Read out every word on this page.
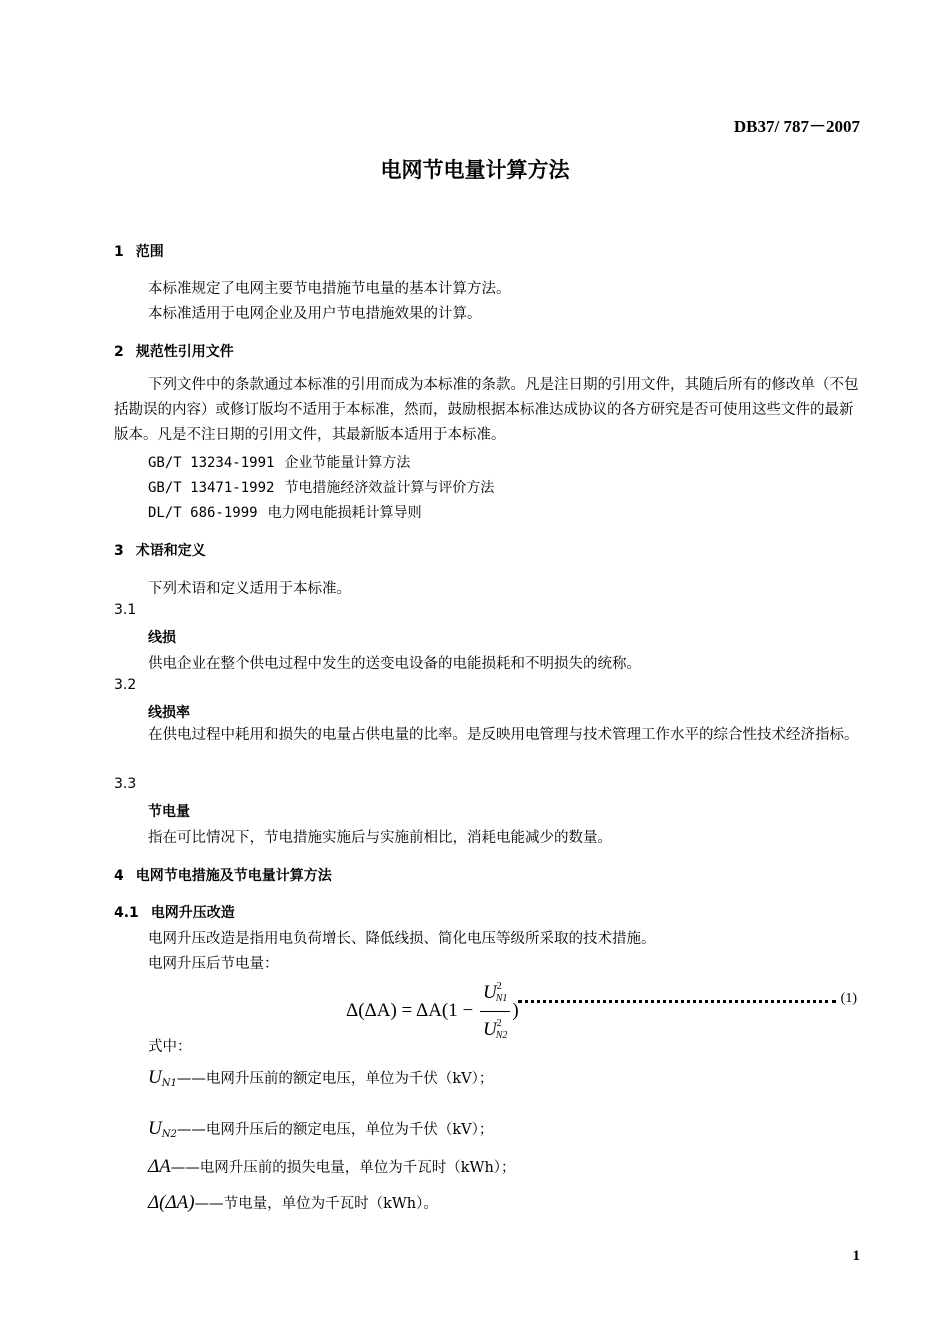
DB37/ 787－2007
电网节电量计算方法
1 范围
本标准规定了电网主要节电措施节电量的基本计算方法。
本标准适用于电网企业及用户节电措施效果的计算。
2 规范性引用文件
下列文件中的条款通过本标准的引用而成为本标准的条款。凡是注日期的引用文件，其随后所有的修改单（不包括勘误的内容）或修订版均不适用于本标准，然而，鼓励根据本标准达成协议的各方研究是否可使用这些文件的最新版本。凡是不注日期的引用文件，其最新版本适用于本标准。
GB/T 13234-1991 企业节能量计算方法
GB/T 13471-1992 节电措施经济效益计算与评价方法
DL/T 686-1999 电力网电能损耗计算导则
3 术语和定义
下列术语和定义适用于本标准。
3.1
线损
供电企业在整个供电过程中发生的送变电设备的电能损耗和不明损失的统称。
3.2
线损率
在供电过程中耗用和损失的电量占供电量的比率。是反映用电管理与技术管理工作水平的综合性技术经济指标。
3.3
节电量
指在可比情况下，节电措施实施后与实施前相比，消耗电能减少的数量。
4 电网节电措施及节电量计算方法
4.1 电网升压改造
电网升压改造是指用电负荷增长、降低线损、简化电压等级所采取的技术措施。
电网升压后节电量：
$\Delta(\Delta A) = \Delta A(1 - \frac{U^2_{N1}}{U^2_{N2}}$ )
(1)
式中：
$U_{N1}——$电网升压前的额定电压，单位为千伏（kV）；
$U_{N2}——$电网升压后的额定电压，单位为千伏（kV）；
ΔA——电网升压前的损失电量，单位为千瓦时（kWh）；
Δ(ΔA)——节电量，单位为千瓦时（kWh）。
1
